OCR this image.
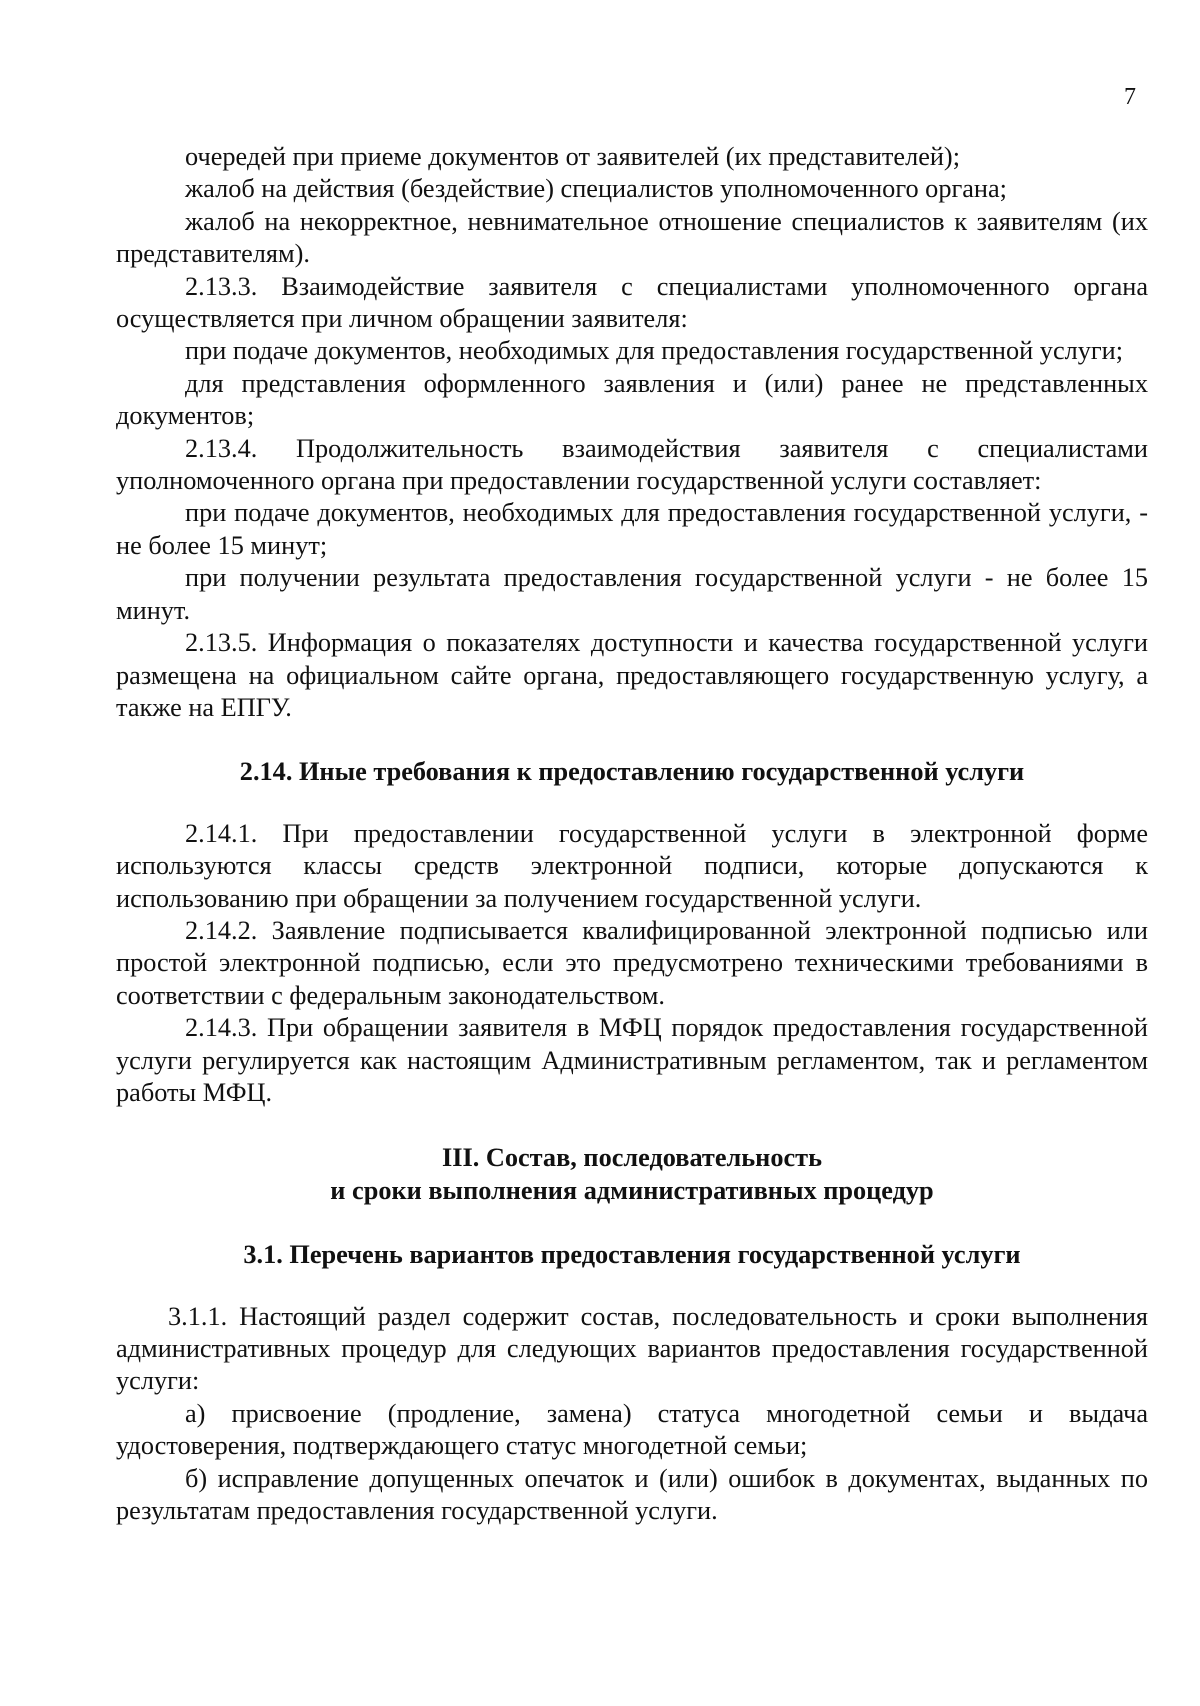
7

очередей при приеме документов от заявителей (их представителей);

жалоб на действия (бездействие) специалистов уполномоченного органа;

жалоб на некорректное, невнимательное отношение специалистов к заявителям (их представителям).

2.13.3. Взаимодействие заявителя с специалистами уполномоченного органа осуществляется при личном обращении заявителя:

при подаче документов, необходимых для предоставления государственной услуги;

для представления оформленного заявления и (или) ранее не представленных документов;

2.13.4. Продолжительность взаимодействия заявителя с специалистами уполномоченного органа при предоставлении государственной услуги составляет:

при подаче документов, необходимых для предоставления государственной услуги, - не более 15 минут;

при получении результата предоставления государственной услуги - не более 15 минут.

2.13.5. Информация о показателях доступности и качества государственной услуги размещена на официальном сайте органа, предоставляющего государственную услугу, а также на ЕПГУ.

2.14. Иные требования к предоставлению государственной услуги

2.14.1. При предоставлении государственной услуги в электронной форме используются классы средств электронной подписи, которые допускаются к использованию при обращении за получением государственной услуги.

2.14.2. Заявление подписывается квалифицированной электронной подписью или простой электронной подписью, если это предусмотрено техническими требованиями в соответствии с федеральным законодательством.

2.14.3. При обращении заявителя в МФЦ порядок предоставления государственной услуги регулируется как настоящим Административным регламентом, так и регламентом работы МФЦ.

III. Состав, последовательность

и сроки выполнения административных процедур

3.1. Перечень вариантов предоставления государственной услуги

3.1.1. Настоящий раздел содержит состав, последовательность и сроки выполнения административных процедур для следующих вариантов предоставления государственной услуги:

а) присвоение (продление, замена) статуса многодетной семьи и выдача удостоверения, подтверждающего статус многодетной семьи;

б) исправление допущенных опечаток и (или) ошибок в документах, выданных по результатам предоставления государственной услуги.
